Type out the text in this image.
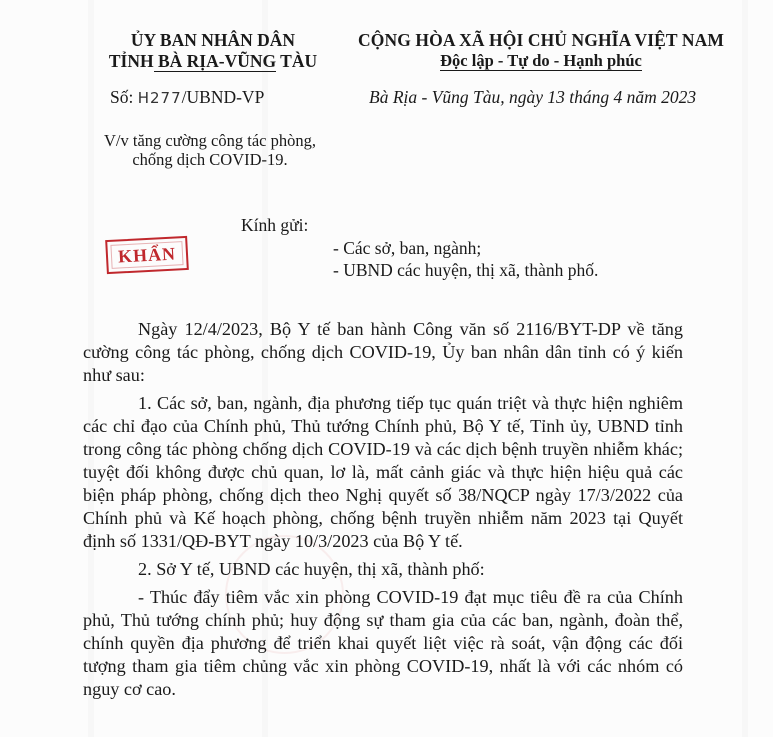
ỦY BAN NHÂN DÂN
TỈNH BÀ RỊA-VŨNG TÀU
CỘNG HÒA XÃ HỘI CHỦ NGHĨA VIỆT NAM
Độc lập - Tự do - Hạnh phúc
Số: H277/UBND-VP	Bà Rịa - Vũng Tàu, ngày 13 tháng 4 năm 2023
V/v tăng cường công tác phòng,
chống dịch COVID-19.
KHẨN
Kính gửi:
- Các sở, ban, ngành;
- UBND các huyện, thị xã, thành phố.

Ngày 12/4/2023, Bộ Y tế ban hành Công văn số 2116/BYT-DP về tăng cường công tác phòng, chống dịch COVID-19, Ủy ban nhân dân tỉnh có ý kiến như sau:

1. Các sở, ban, ngành, địa phương tiếp tục quán triệt và thực hiện nghiêm các chỉ đạo của Chính phủ, Thủ tướng Chính phủ, Bộ Y tế, Tỉnh ủy, UBND tỉnh trong công tác phòng chống dịch COVID-19 và các dịch bệnh truyền nhiễm khác; tuyệt đối không được chủ quan, lơ là, mất cảnh giác và thực hiện hiệu quả các biện pháp phòng, chống dịch theo Nghị quyết số 38/NQCP ngày 17/3/2022 của Chính phủ và Kế hoạch phòng, chống bệnh truyền nhiễm năm 2023 tại Quyết định số 1331/QĐ-BYT ngày 10/3/2023 của Bộ Y tế.

2. Sở Y tế, UBND các huyện, thị xã, thành phố:

- Thúc đẩy tiêm vắc xin phòng COVID-19 đạt mục tiêu đề ra của Chính phủ, Thủ tướng chính phủ; huy động sự tham gia của các ban, ngành, đoàn thể, chính quyền địa phương để triển khai quyết liệt việc rà soát, vận động các đối tượng tham gia tiêm chủng vắc xin phòng COVID-19, nhất là với các nhóm có nguy cơ cao.
